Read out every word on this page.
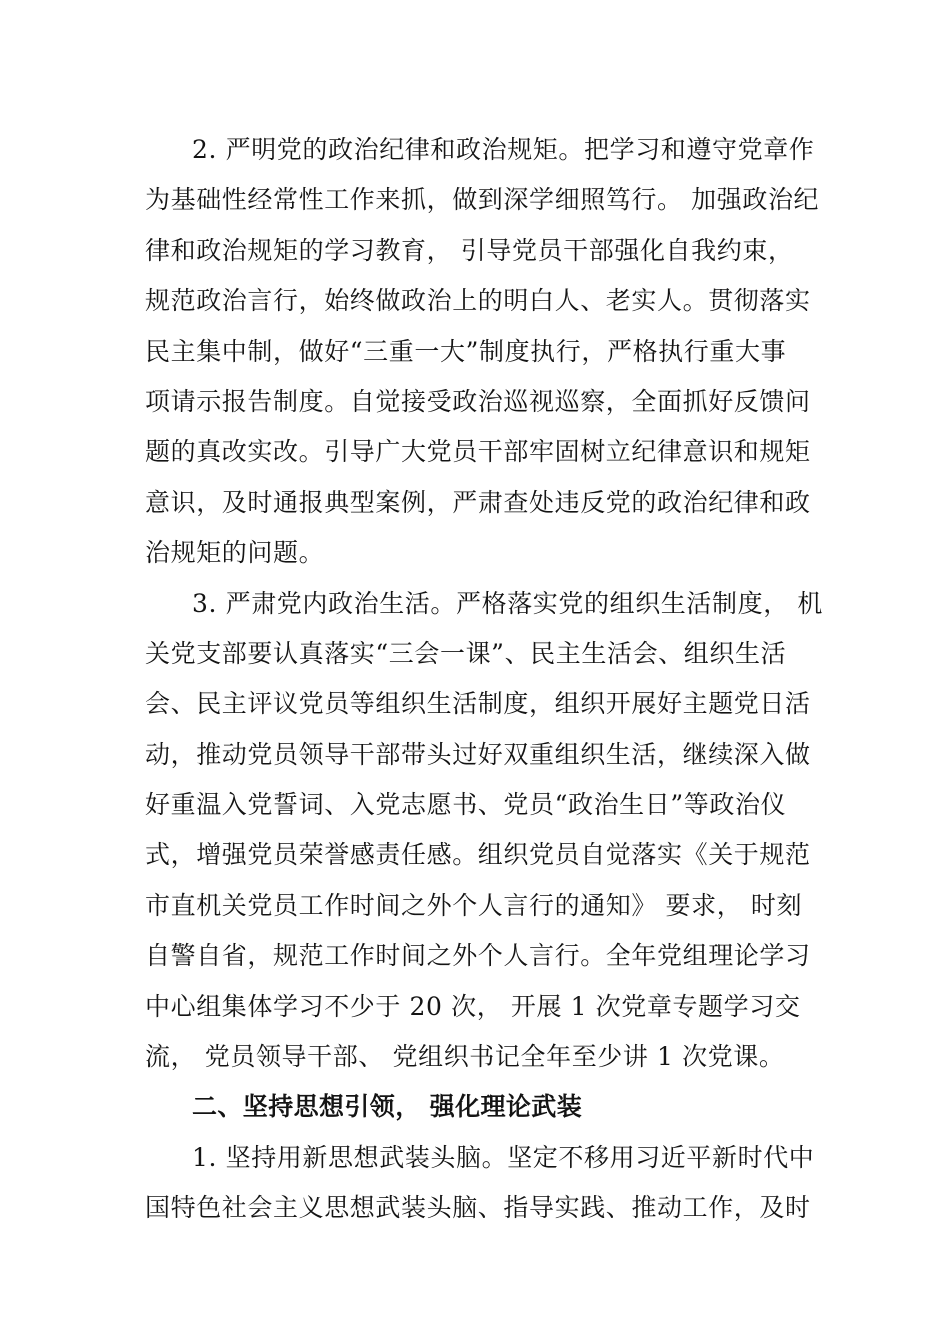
2. 严明党的政治纪律和政治规矩。把学习和遵守党章作
为基础性经常性工作来抓，做到深学细照笃行。 加强政治纪
律和政治规矩的学习教育， 引导党员干部强化自我约束，
规范政治言行，始终做政治上的明白人、老实人。贯彻落实
民主集中制，做好“三重一大”制度执行，严格执行重大事
项请示报告制度。自觉接受政治巡视巡察，全面抓好反馈问
题的真改实改。引导广大党员干部牢固树立纪律意识和规矩
意识，及时通报典型案例，严肃查处违反党的政治纪律和政
治规矩的问题。
3. 严肃党内政治生活。严格落实党的组织生活制度， 机
关党支部要认真落实“三会一课”、民主生活会、组织生活
会、民主评议党员等组织生活制度，组织开展好主题党日活
动，推动党员领导干部带头过好双重组织生活，继续深入做
好重温入党誓词、入党志愿书、党员“政治生日”等政治仪
式，增强党员荣誉感责任感。组织党员自觉落实《关于规范
市直机关党员工作时间之外个人言行的通知》 要求， 时刻
自警自省，规范工作时间之外个人言行。全年党组理论学习
中心组集体学习不少于 20 次， 开展 1 次党章专题学习交
流， 党员领导干部、 党组织书记全年至少讲 1 次党课。
二、坚持思想引领， 强化理论武装
1. 坚持用新思想武装头脑。坚定不移用习近平新时代中
国特色社会主义思想武装头脑、指导实践、推动工作，及时
